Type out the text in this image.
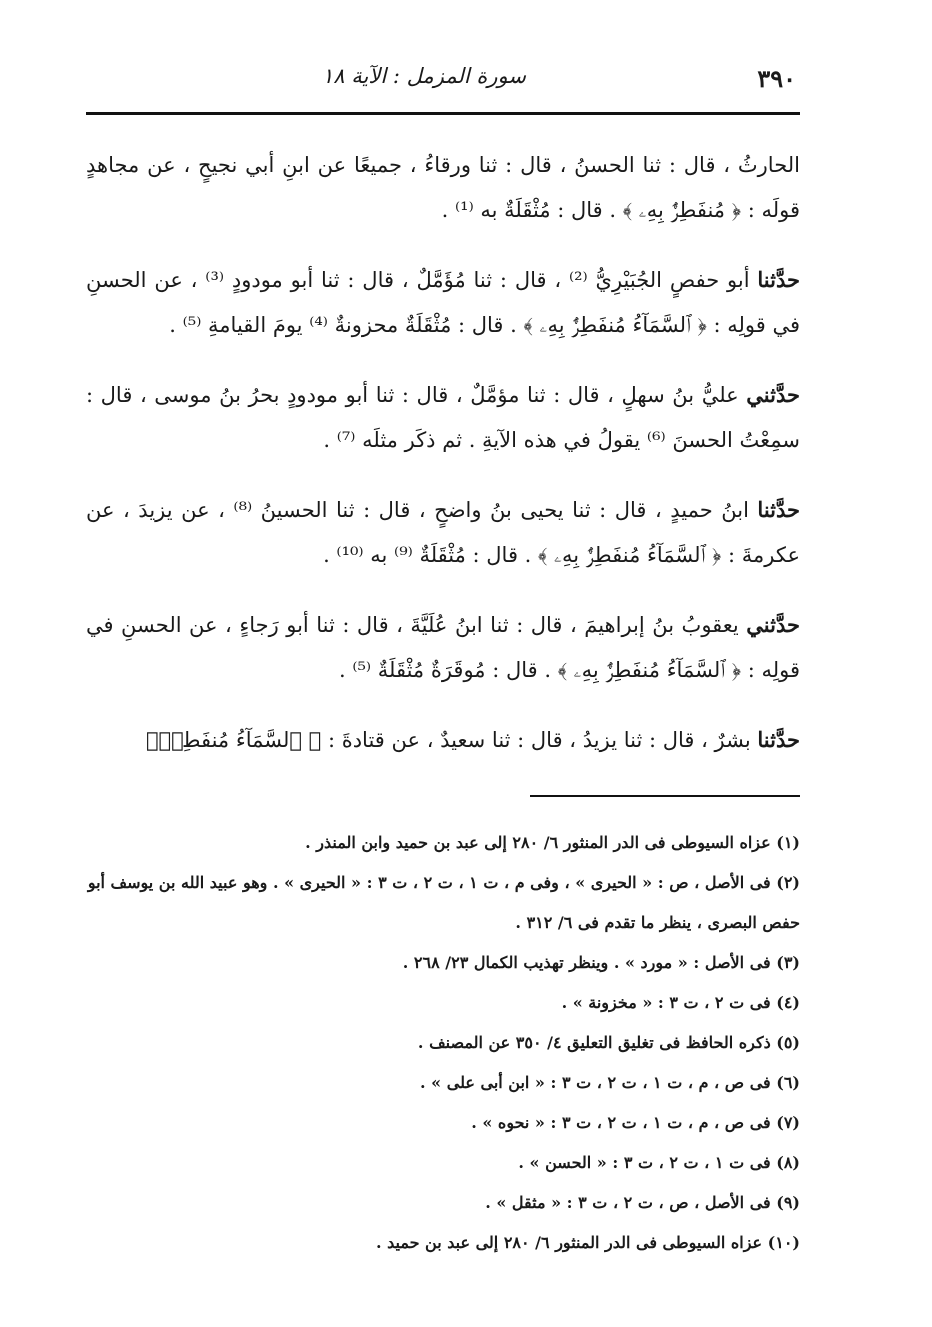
٣٩٠
سورة المزمل : الآية ١٨

الحارثُ ، قال : ثنا الحسنُ ، قال : ثنا ورقاءُ ، جميعًا عن ابنِ أبي نجيحٍ ، عن مجاهدٍ قولَه : ﴿ مُنفَطِرٌۢ بِهِۦ ﴾ . قال : مُثْقَلَةٌ به ⁽¹⁾ .

حدَّثنا أبو حفصٍ الجُبَيْرِيُّ ⁽²⁾ ، قال : ثنا مُؤَمَّلٌ ، قال : ثنا أبو مودودٍ ⁽³⁾ ، عن الحسنِ في قولِه : ﴿ ٱلسَّمَآءُ مُنفَطِرٌۢ بِهِۦ ﴾ . قال : مُثْقَلَةٌ محزونةٌ ⁽⁴⁾ يومَ القيامةِ ⁽⁵⁾ .

حدَّثني عليُّ بنُ سهلٍ ، قال : ثنا مؤمَّلٌ ، قال : ثنا أبو مودودٍ بحرُ بنُ موسى ، قال : سمِعْتُ الحسنَ ⁽⁶⁾ يقولُ في هذه الآيةِ . ثم ذكَر مثلَه ⁽⁷⁾ .

حدَّثنا ابنُ حميدٍ ، قال : ثنا يحيى بنُ واضحٍ ، قال : ثنا الحسينُ ⁽⁸⁾ ، عن يزيدَ ، عن عكرمةَ : ﴿ ٱلسَّمَآءُ مُنفَطِرٌۢ بِهِۦ ﴾ . قال : مُثْقَلَةٌ ⁽⁹⁾ به ⁽¹⁰⁾ .

حدَّثني يعقوبُ بنُ إبراهيمَ ، قال : ثنا ابنُ عُلَيَّةَ ، قال : ثنا أبو رَجاءٍ ، عن الحسنِ في قولِه : ﴿ ٱلسَّمَآءُ مُنفَطِرٌۢ بِهِۦ ﴾ . قال : مُوقَرَةٌ مُثْقَلَةٌ ⁽⁵⁾ .

حدَّثنا بشرٌ ، قال : ثنا يزيدُ ، قال : ثنا سعيدٌ ، عن قتادةَ : ﴿ ٱلسَّمَآءُ مُنفَطِرٌۢ

(١) عزاه السيوطى فى الدر المنثور ٦/ ٢٨٠ إلى عبد بن حميد وابن المنذر .

(٢) فى الأصل ، ص : « الحيرى » ، وفى م ، ت ١ ، ت ٢ ، ت ٣ : « الحيرى » . وهو عبيد الله بن يوسف أبو حفص البصرى ، ينظر ما تقدم فى ٦/ ٣١٢ .

(٣) فى الأصل : « مورد » . وينظر تهذيب الكمال ٢٣/ ٢٦٨ .

(٤) فى ت ٢ ، ت ٣ : « مخزونة » .

(٥) ذكره الحافظ فى تغليق التعليق ٤/ ٣٥٠ عن المصنف .

(٦) فى ص ، م ، ت ١ ، ت ٢ ، ت ٣ : « ابن أبى على » .

(٧) فى ص ، م ، ت ١ ، ت ٢ ، ت ٣ : « نحوه » .

(٨) فى ت ١ ، ت ٢ ، ت ٣ : « الحسن » .

(٩) فى الأصل ، ص ، ت ٢ ، ت ٣ : « مثقل » .

(١٠) عزاه السيوطى فى الدر المنثور ٦/ ٢٨٠ إلى عبد بن حميد .
